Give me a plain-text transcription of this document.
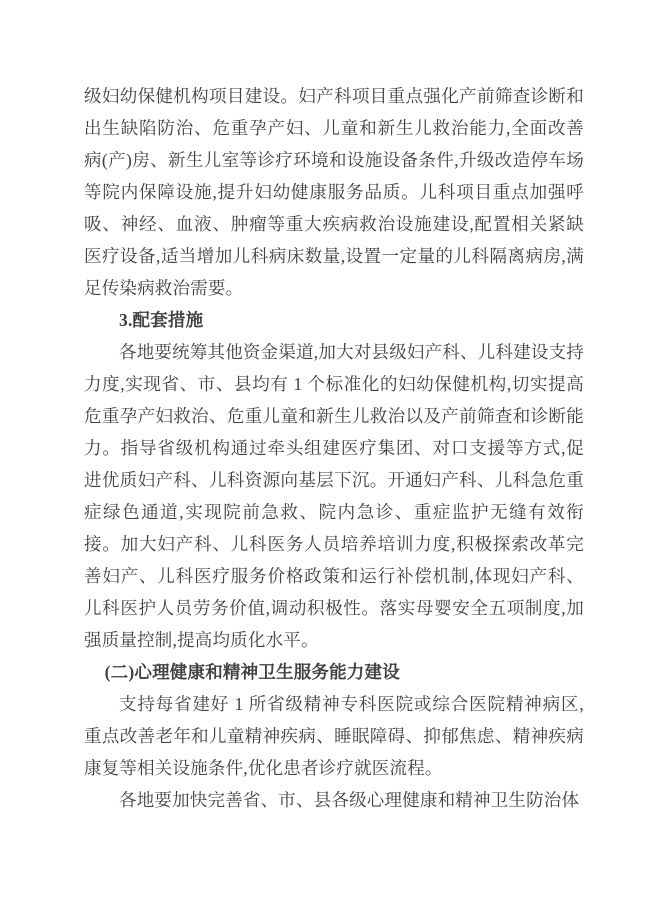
级妇幼保健机构项目建设。妇产科项目重点强化产前筛查诊断和出生缺陷防治、危重孕产妇、儿童和新生儿救治能力,全面改善病(产)房、新生儿室等诊疗环境和设施设备条件,升级改造停车场等院内保障设施,提升妇幼健康服务品质。儿科项目重点加强呼吸、神经、血液、肿瘤等重大疾病救治设施建设,配置相关紧缺医疗设备,适当增加儿科病床数量,设置一定量的儿科隔离病房,满足传染病救治需要。

3.配套措施

各地要统筹其他资金渠道,加大对县级妇产科、儿科建设支持力度,实现省、市、县均有 1 个标准化的妇幼保健机构,切实提高危重孕产妇救治、危重儿童和新生儿救治以及产前筛查和诊断能力。指导省级机构通过牵头组建医疗集团、对口支援等方式,促进优质妇产科、儿科资源向基层下沉。开通妇产科、儿科急危重症绿色通道,实现院前急救、院内急诊、重症监护无缝有效衔接。加大妇产科、儿科医务人员培养培训力度,积极探索改革完善妇产、儿科医疗服务价格政策和运行补偿机制,体现妇产科、儿科医护人员劳务价值,调动积极性。落实母婴安全五项制度,加强质量控制,提高均质化水平。

(二)心理健康和精神卫生服务能力建设

支持每省建好 1 所省级精神专科医院或综合医院精神病区,重点改善老年和儿童精神疾病、睡眠障碍、抑郁焦虑、精神疾病康复等相关设施条件,优化患者诊疗就医流程。

各地要加快完善省、市、县各级心理健康和精神卫生防治体
